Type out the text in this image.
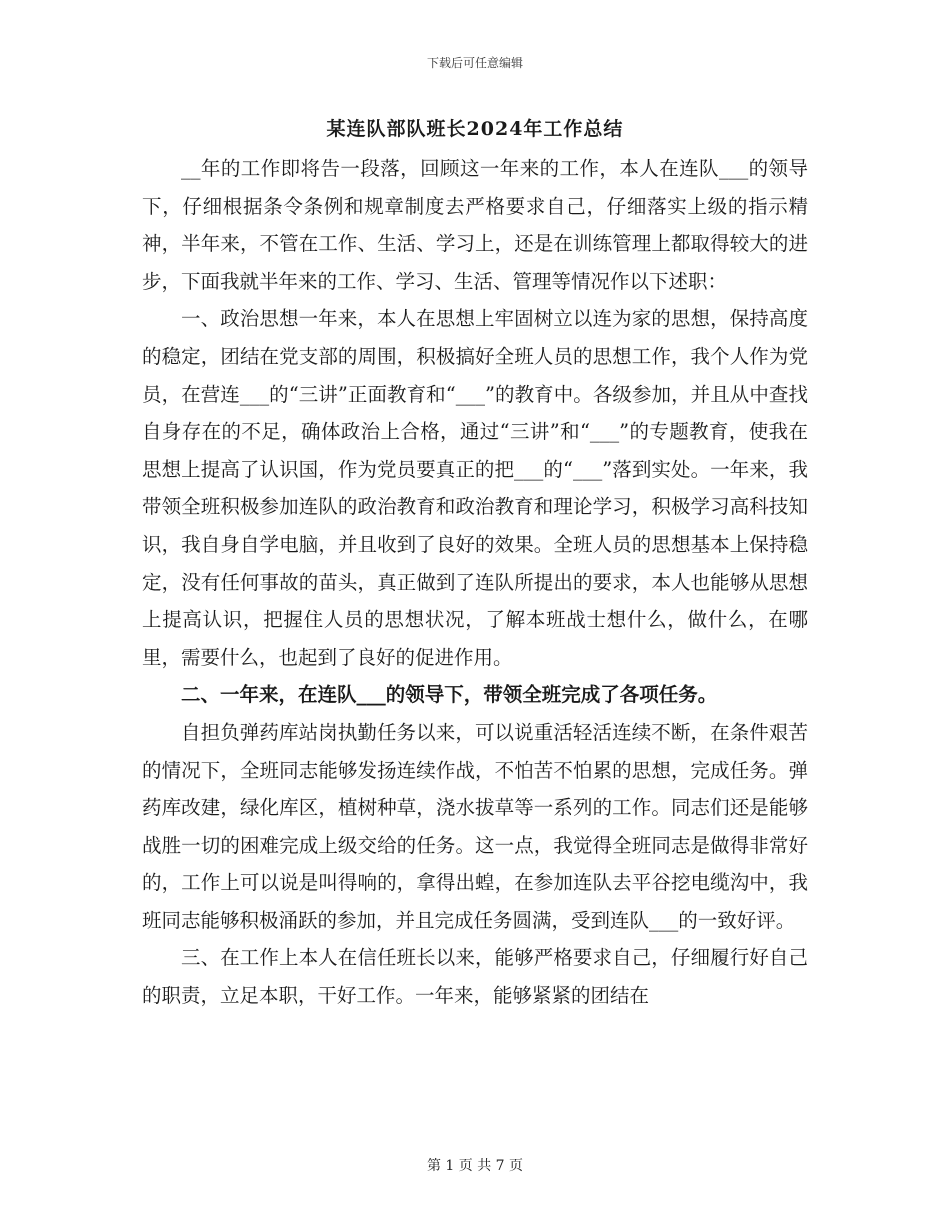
下载后可任意编辑
某连队部队班长2024年工作总结

__年的工作即将告一段落，回顾这一年来的工作，本人在连队___的领导下，仔细根据条令条例和规章制度去严格要求自己，仔细落实上级的指示精神，半年来，不管在工作、生活、学习上，还是在训练管理上都取得较大的进步，下面我就半年来的工作、学习、生活、管理等情况作以下述职：

一、政治思想一年来，本人在思想上牢固树立以连为家的思想，保持高度的稳定，团结在党支部的周围，积极搞好全班人员的思想工作，我个人作为党员，在营连___的“三讲”正面教育和“___”的教育中。各级参加，并且从中查找自身存在的不足，确体政治上合格，通过“三讲”和“___”的专题教育，使我在思想上提高了认识国，作为党员要真正的把___的“___”落到实处。一年来，我带领全班积极参加连队的政治教育和政治教育和理论学习，积极学习高科技知识，我自身自学电脑，并且收到了良好的效果。全班人员的思想基本上保持稳定，没有任何事故的苗头，真正做到了连队所提出的要求，本人也能够从思想上提高认识，把握住人员的思想状况，了解本班战士想什么，做什么，在哪里，需要什么，也起到了良好的促进作用。

二、一年来，在连队___的领导下，带领全班完成了各项任务。

自担负弹药库站岗执勤任务以来，可以说重活轻活连续不断，在条件艰苦的情况下，全班同志能够发扬连续作战，不怕苦不怕累的思想，完成任务。弹药库改建，绿化库区，植树种草，浇水拔草等一系列的工作。同志们还是能够战胜一切的困难完成上级交给的任务。这一点，我觉得全班同志是做得非常好的，工作上可以说是叫得响的，拿得出蝗，在参加连队去平谷挖电缆沟中，我班同志能够积极涌跃的参加，并且完成任务圆满，受到连队___的一致好评。

三、在工作上本人在信任班长以来，能够严格要求自己，仔细履行好自己的职责，立足本职，干好工作。一年来，能够紧紧的团结在

第 1 页 共 7 页
